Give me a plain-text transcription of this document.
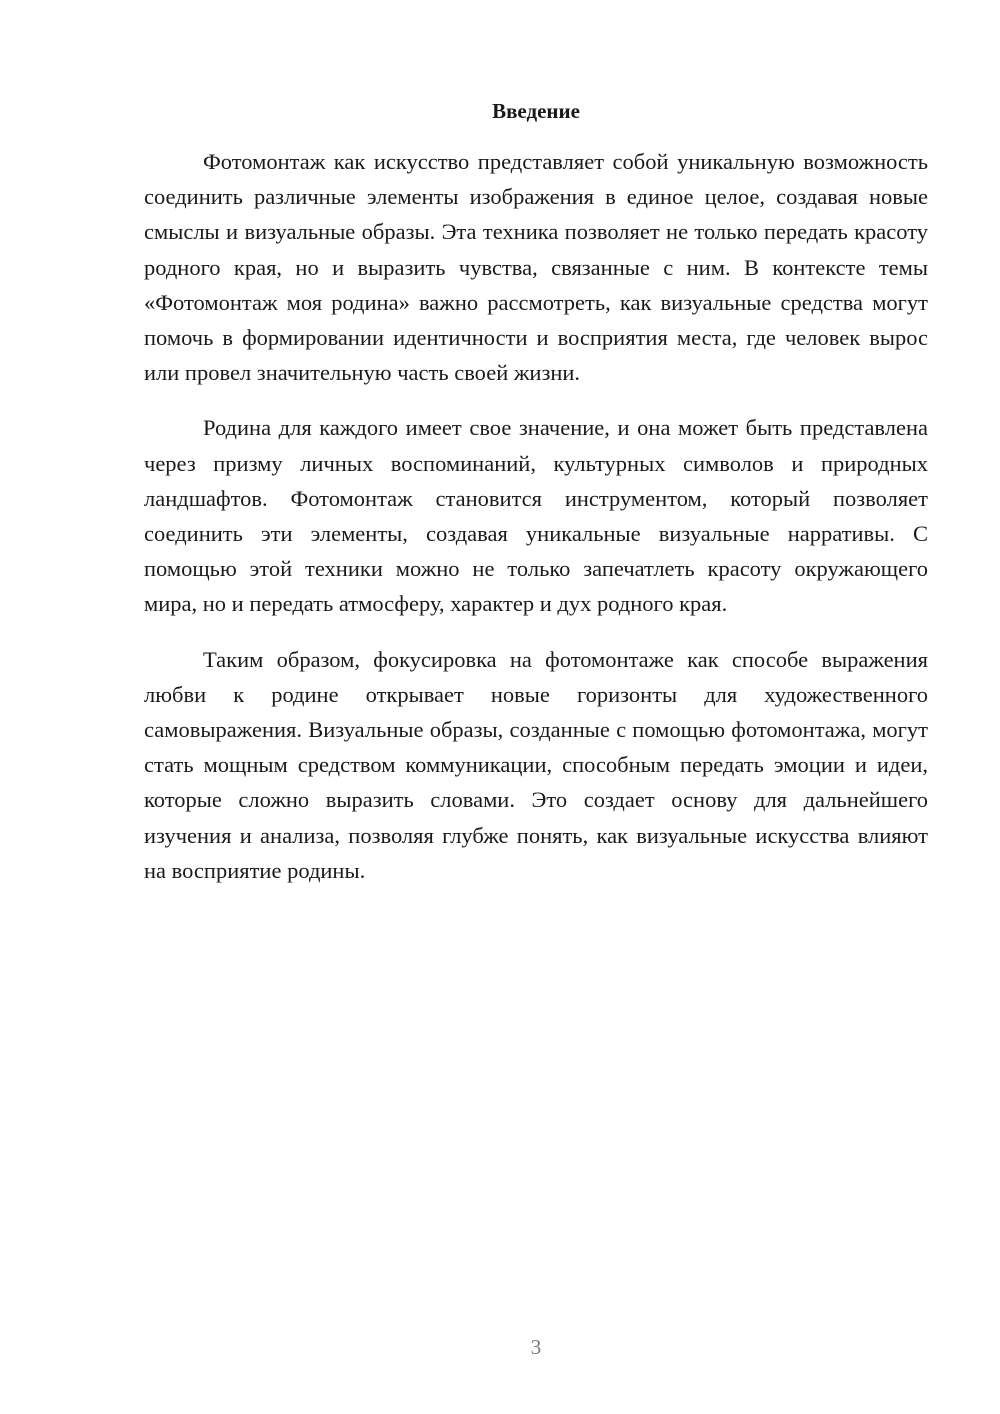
Введение

Фотомонтаж как искусство представляет собой уникальную возможность соединить различные элементы изображения в единое целое, создавая новые смыслы и визуальные образы. Эта техника позволяет не только передать красоту родного края, но и выразить чувства, связанные с ним. В контексте темы «Фотомонтаж моя родина» важно рассмотреть, как визуальные средства могут помочь в формировании идентичности и восприятия места, где человек вырос или провел значительную часть своей жизни.

Родина для каждого имеет свое значение, и она может быть представлена через призму личных воспоминаний, культурных символов и природных ландшафтов. Фотомонтаж становится инструментом, который позволяет соединить эти элементы, создавая уникальные визуальные нарративы. С помощью этой техники можно не только запечатлеть красоту окружающего мира, но и передать атмосферу, характер и дух родного края.

Таким образом, фокусировка на фотомонтаже как способе выражения любви к родине открывает новые горизонты для художественного самовыражения. Визуальные образы, созданные с помощью фотомонтажа, могут стать мощным средством коммуникации, способным передать эмоции и идеи, которые сложно выразить словами. Это создает основу для дальнейшего изучения и анализа, позволяя глубже понять, как визуальные искусства влияют на восприятие родины.

3
